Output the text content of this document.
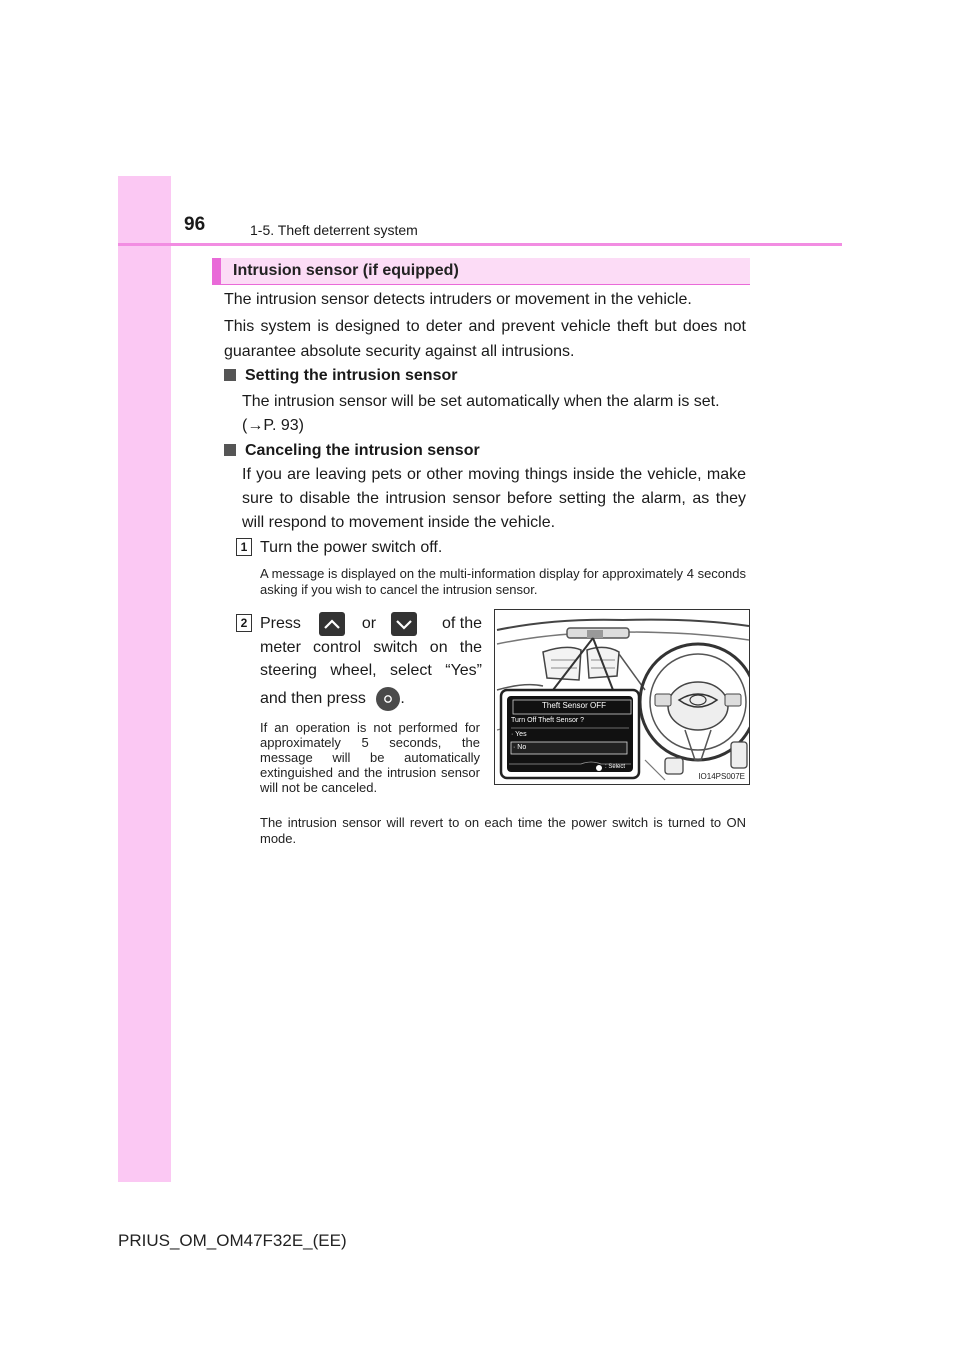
96	1-5. Theft deterrent system
Intrusion sensor (if equipped)
The intrusion sensor detects intruders or movement in the vehicle.
This system is designed to deter and prevent vehicle theft but does not guarantee absolute security against all intrusions.
Setting the intrusion sensor
The intrusion sensor will be set automatically when the alarm is set.
(→P. 93)
Canceling the intrusion sensor
If you are leaving pets or other moving things inside the vehicle, make sure to disable the intrusion sensor before setting the alarm, as they will respond to movement inside the vehicle.
1 Turn the power switch off.
A message is displayed on the multi-information display for approximately 4 seconds asking if you wish to cancel the intrusion sensor.
2 Press	or	of the
meter control switch on the
steering wheel, select “Yes”
and then press .
If an operation is not performed for approximately 5 seconds, the message will be automatically extinguished and the intrusion sensor will not be canceled.
Theft Sensor OFF
Turn Off Theft Sensor ?
· Yes
· No
: Select
IO14PS007E
The intrusion sensor will revert to on each time the power switch is turned to ON mode.
PRIUS_OM_OM47F32E_(EE)
